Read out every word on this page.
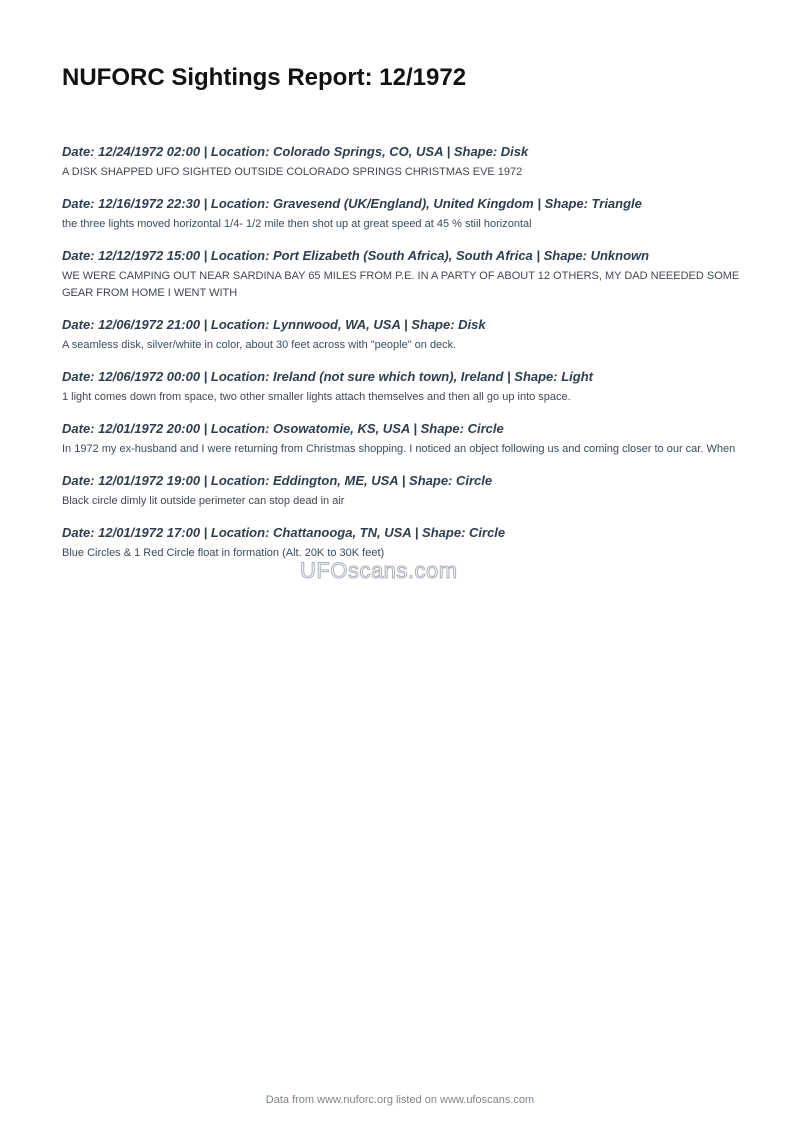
NUFORC Sightings Report: 12/1972
Date: 12/24/1972 02:00 | Location: Colorado Springs, CO, USA | Shape: Disk
A DISK SHAPPED UFO SIGHTED OUTSIDE COLORADO SPRINGS CHRISTMAS EVE 1972
Date: 12/16/1972 22:30 | Location: Gravesend (UK/England), United Kingdom | Shape: Triangle
the three lights moved horizontal 1/4- 1/2 mile then shot up at great speed at 45 % stiil horizontal
Date: 12/12/1972 15:00 | Location: Port Elizabeth (South Africa), South Africa | Shape: Unknown
WE WERE CAMPING OUT NEAR SARDINA BAY 65 MILES FROM P.E. IN A PARTY OF ABOUT 12 OTHERS, MY DAD NEEEDED SOME GEAR FROM HOME I WENT WITH
Date: 12/06/1972 21:00 | Location: Lynnwood, WA, USA | Shape: Disk
A seamless disk, silver/white in color, about 30 feet across with "people" on deck.
Date: 12/06/1972 00:00 | Location: Ireland (not sure which town), Ireland | Shape: Light
1 light comes down from space, two other smaller lights attach themselves and then all go up into space.
Date: 12/01/1972 20:00 | Location: Osowatomie, KS, USA | Shape: Circle
In 1972 my ex-husband and I were returning from Christmas shopping. I noticed an object following us and coming closer to our car. When
Date: 12/01/1972 19:00 | Location: Eddington, ME, USA | Shape: Circle
Black circle dimly lit outside perimeter can stop dead in air
Date: 12/01/1972 17:00 | Location: Chattanooga, TN, USA | Shape: Circle
Blue Circles & 1 Red Circle float in formation (Alt. 20K to 30K feet)
UFOscans.com
Data from www.nuforc.org listed on www.ufoscans.com
